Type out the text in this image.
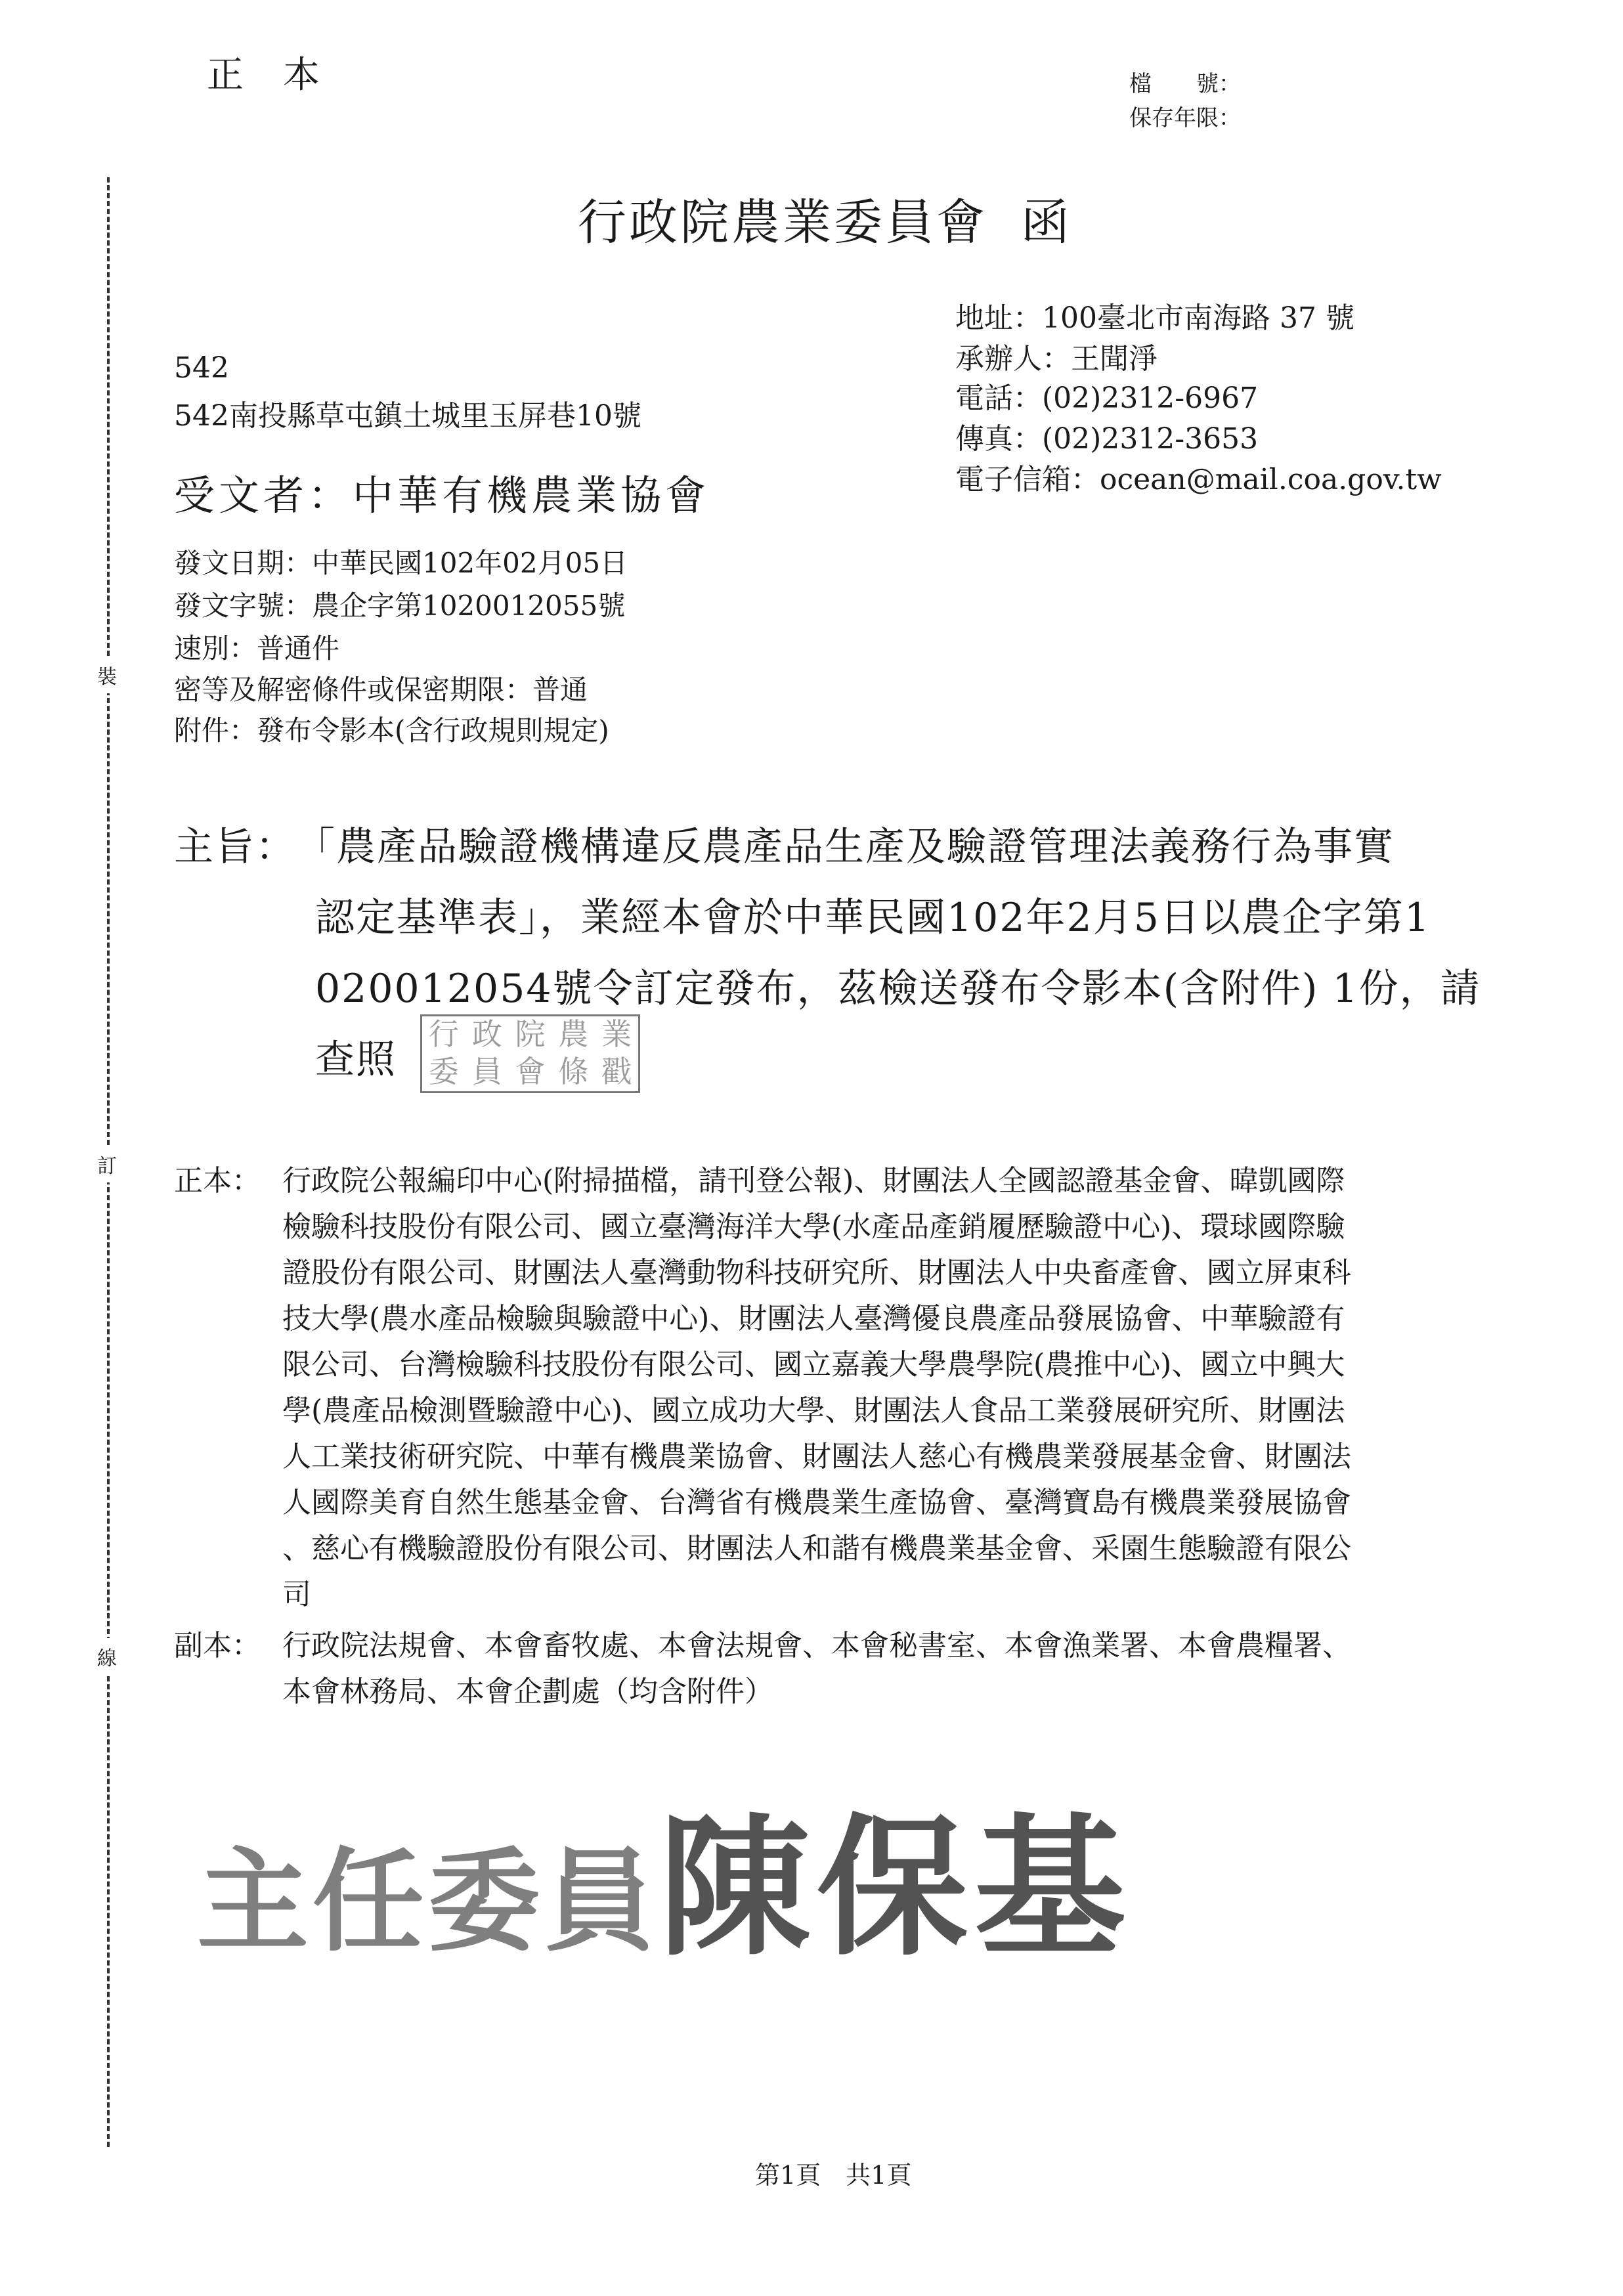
正本	檔　　號：
保存年限：
裝
訂
線
行政院農業委員會 函
地址：100臺北市南海路 37 號
承辦人：王聞淨
電話：(02)2312-6967
傳真：(02)2312-3653
電子信箱：ocean@mail.coa.gov.tw
542
542南投縣草屯鎮土城里玉屏巷10號
受文者：中華有機農業協會
發文日期：中華民國102年02月05日
發文字號：農企字第1020012055號
速別：普通件
密等及解密條件或保密期限：普通
附件：發布令影本(含行政規則規定)
主旨： 「農產品驗證機構違反農產品生產及驗證管理法義務行為事實
認定基準表」，業經本會於中華民國102年2月5日以農企字第1
020012054號令訂定發布，茲檢送發布令影本(含附件) 1份，請
查照
行 政 院 農 業
委 員 會 條 戳
正本： 行政院公報編印中心(附掃描檔，請刊登公報)、財團法人全國認證基金會、暐凱國際
檢驗科技股份有限公司、國立臺灣海洋大學(水產品產銷履歷驗證中心)、環球國際驗
證股份有限公司、財團法人臺灣動物科技研究所、財團法人中央畜產會、國立屏東科
技大學(農水產品檢驗與驗證中心)、財團法人臺灣優良農產品發展協會、中華驗證有
限公司、台灣檢驗科技股份有限公司、國立嘉義大學農學院(農推中心)、國立中興大
學(農產品檢測暨驗證中心)、國立成功大學、財團法人食品工業發展研究所、財團法
人工業技術研究院、中華有機農業協會、財團法人慈心有機農業發展基金會、財團法
人國際美育自然生態基金會、台灣省有機農業生產協會、臺灣寶島有機農業發展協會
、慈心有機驗證股份有限公司、財團法人和諧有機農業基金會、采園生態驗證有限公
司
副本： 行政院法規會、本會畜牧處、本會法規會、本會秘書室、本會漁業署、本會農糧署、
本會林務局、本會企劃處（均含附件）
主任委員陳保基
第1頁　共1頁
